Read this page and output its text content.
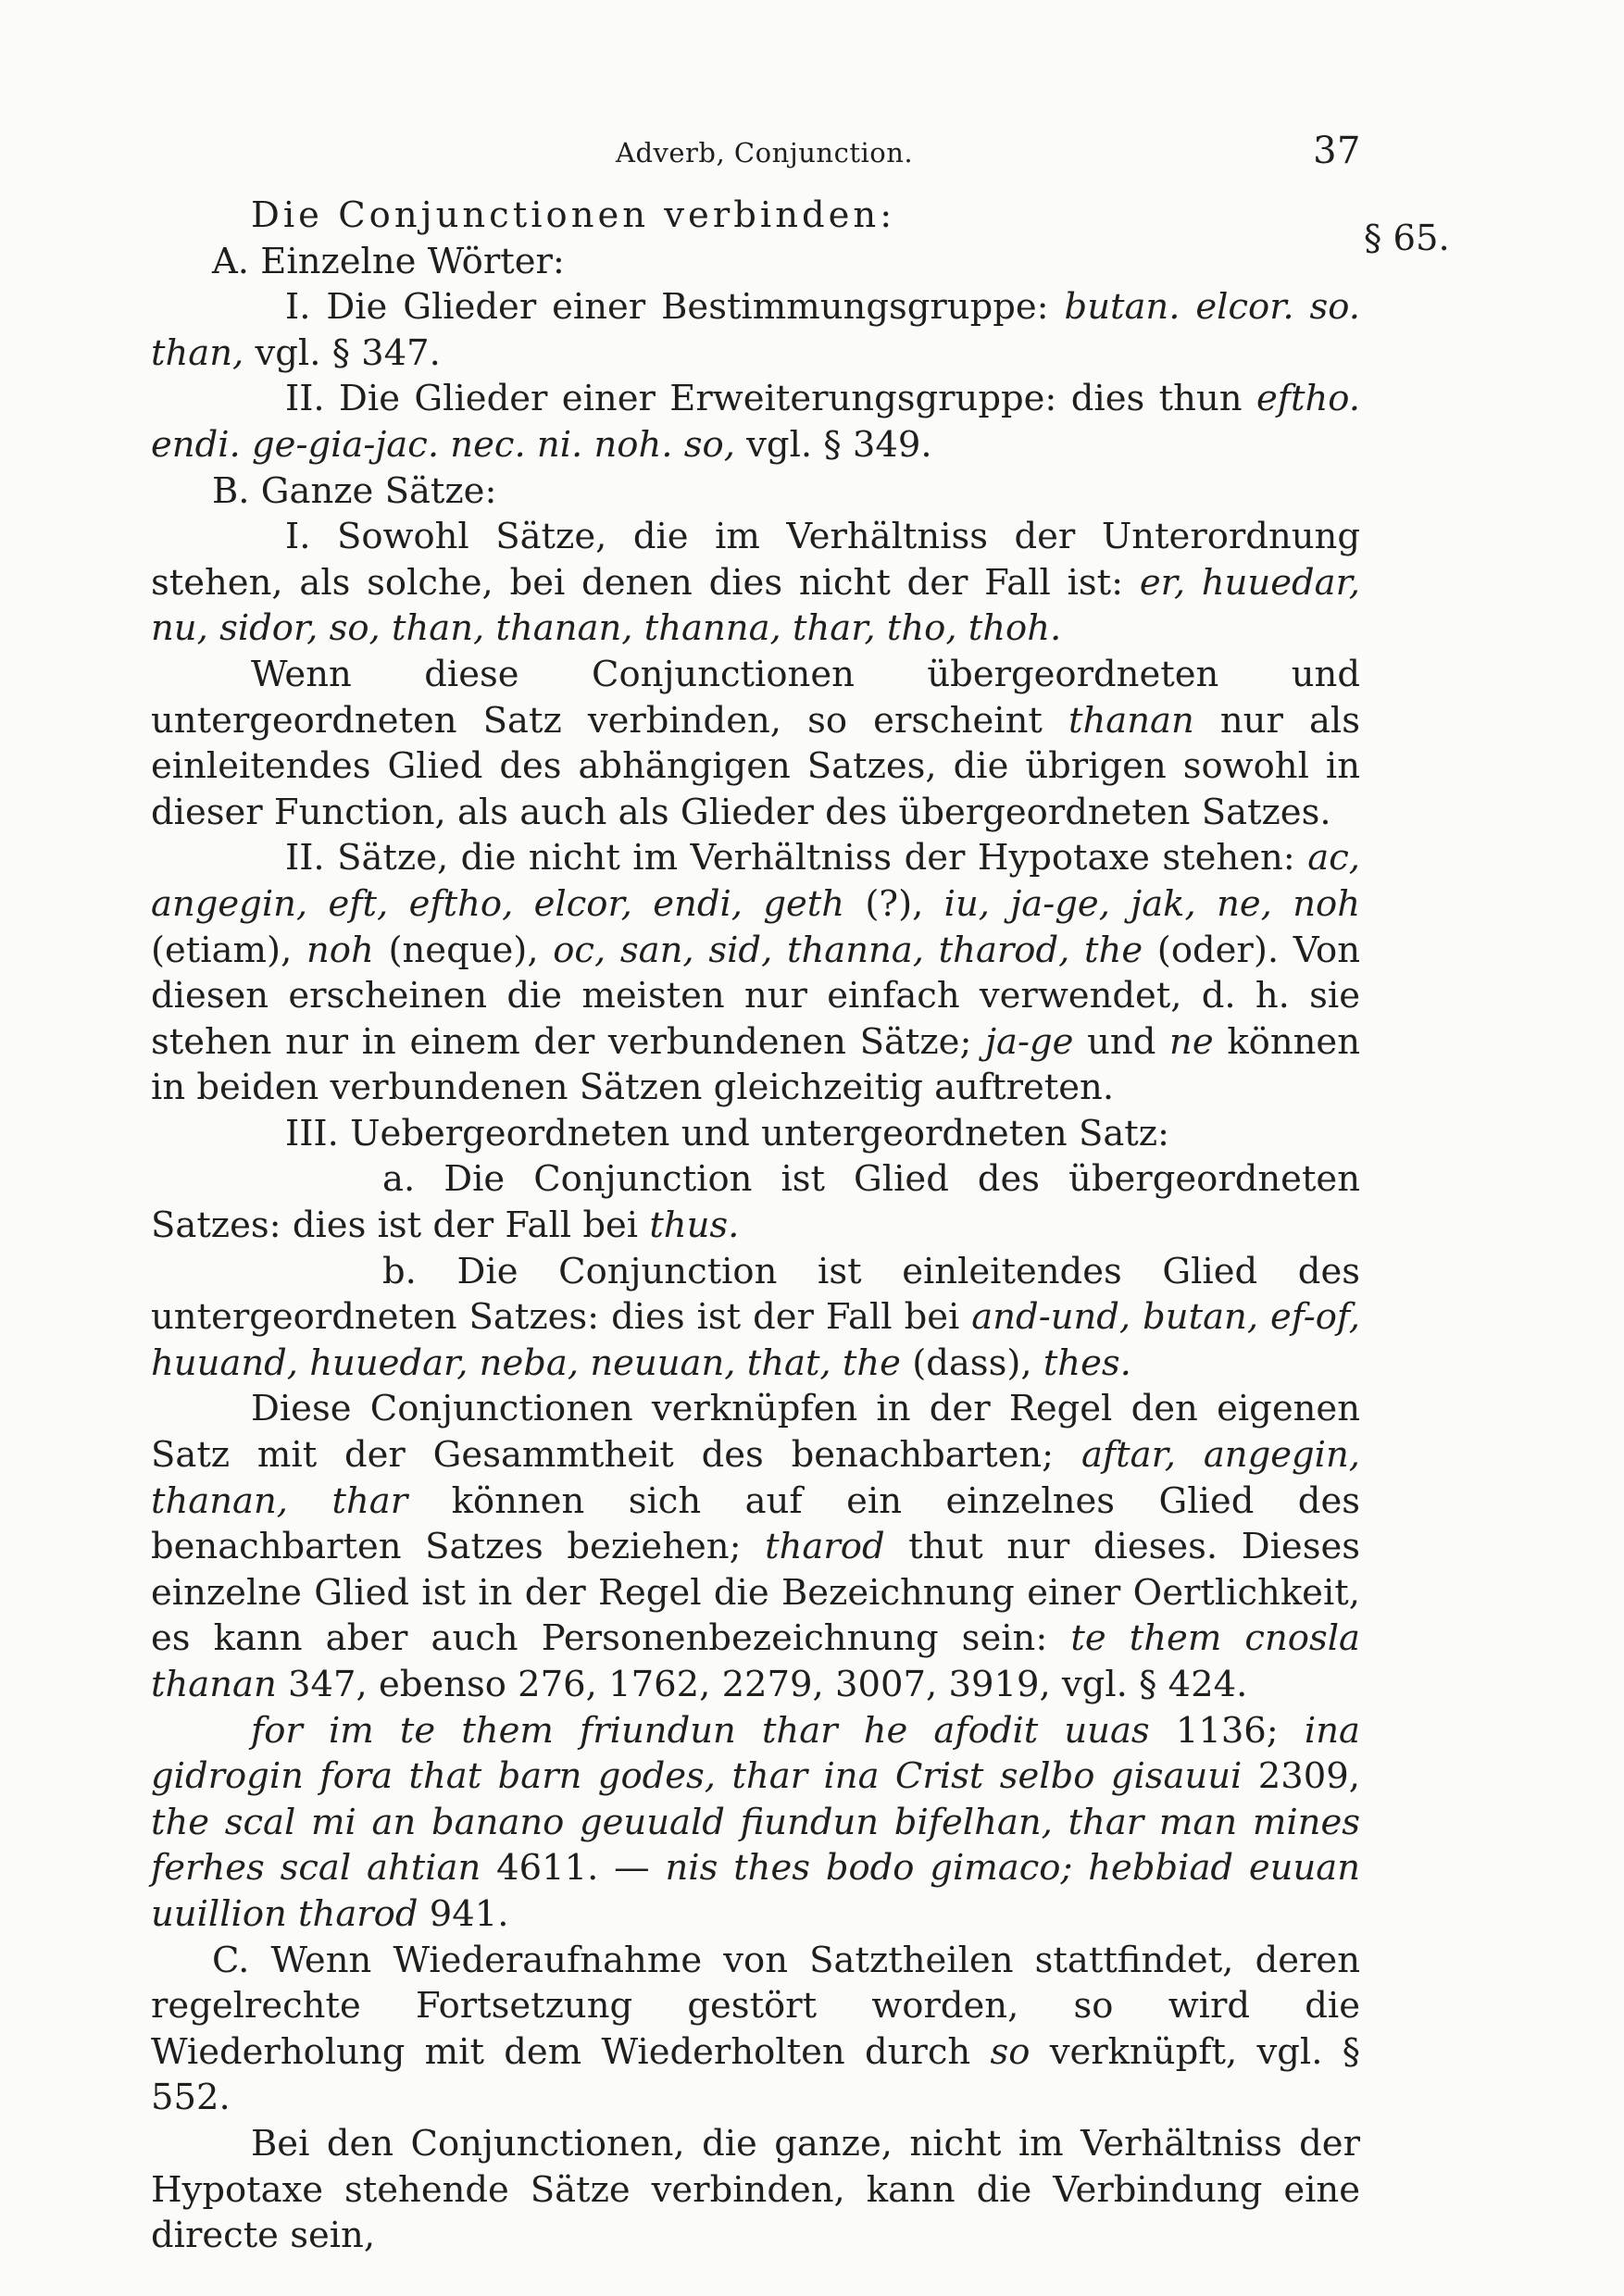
Adverb, Conjunction.	37
§ 65.

Die Conjunctionen verbinden:

A. Einzelne Wörter:

I. Die Glieder einer Bestimmungsgruppe: butan. elcor. so. than, vgl. § 347.

II. Die Glieder einer Erweiterungsgruppe: dies thun eftho. endi. ge-gia-jac. nec. ni. noh. so, vgl. § 349.

B. Ganze Sätze:

I. Sowohl Sätze, die im Verhältniss der Unterordnung stehen, als solche, bei denen dies nicht der Fall ist: er, huuedar, nu, sidor, so, than, thanan, thanna, thar, tho, thoh.

Wenn diese Conjunctionen übergeordneten und untergeordneten Satz verbinden, so erscheint thanan nur als einleitendes Glied des abhängigen Satzes, die übrigen sowohl in dieser Function, als auch als Glieder des übergeordneten Satzes.

II. Sätze, die nicht im Verhältniss der Hypotaxe stehen: ac, angegin, eft, eftho, elcor, endi, geth (?), iu, ja-ge, jak, ne, noh (etiam), noh (neque), oc, san, sid, thanna, tharod, the (oder). Von diesen erscheinen die meisten nur einfach verwendet, d. h. sie stehen nur in einem der verbundenen Sätze; ja-ge und ne können in beiden verbundenen Sätzen gleichzeitig auftreten.

III. Uebergeordneten und untergeordneten Satz:

a. Die Conjunction ist Glied des übergeordneten Satzes: dies ist der Fall bei thus.

b. Die Conjunction ist einleitendes Glied des untergeordneten Satzes: dies ist der Fall bei and-und, butan, ef-of, huuand, huuedar, neba, neuuan, that, the (dass), thes.

Diese Conjunctionen verknüpfen in der Regel den eigenen Satz mit der Gesammtheit des benachbarten; aftar, angegin, thanan, thar können sich auf ein einzelnes Glied des benachbarten Satzes beziehen; tharod thut nur dieses. Dieses einzelne Glied ist in der Regel die Bezeichnung einer Oertlichkeit, es kann aber auch Personenbezeichnung sein: te them cnosla thanan 347, ebenso 276, 1762, 2279, 3007, 3919, vgl. § 424.

for im te them friundun thar he afodit uuas 1136; ina gidrogin fora that barn godes, thar ina Crist selbo gisauui 2309, the scal mi an banano geuuald fiundun bifelhan, thar man mines ferhes scal ahtian 4611. — nis thes bodo gimaco; hebbiad euuan uuillion tharod 941.

C. Wenn Wiederaufnahme von Satztheilen stattfindet, deren regelrechte Fortsetzung gestört worden, so wird die Wiederholung mit dem Wiederholten durch so verknüpft, vgl. § 552.

Bei den Conjunctionen, die ganze, nicht im Verhältniss der Hypotaxe stehende Sätze verbinden, kann die Verbindung eine directe sein,
